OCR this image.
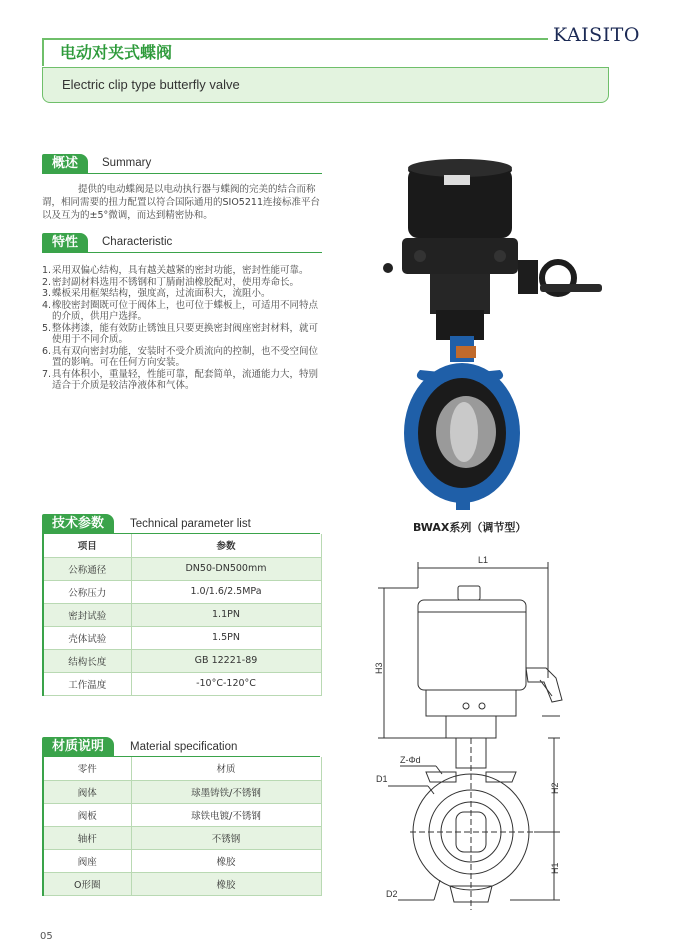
KAISITO
电动对夹式蝶阀
Electric clip type butterfly valve
概述	Summary

提供的电动蝶阀是以电动执行器与蝶阀的完美的结合而称谓，相同需要的扭力配置以符合国际通用的SIO5211连接标准平台以及互为的±5°微调，而达到精密协和。

特性	Characteristic
1. 采用双偏心结构，具有越关越紧的密封功能，密封性能可靠。
2. 密封副材料选用不锈钢和丁腈耐油橡胶配对，使用寿命长。
3. 蝶板采用框架结构，强度高，过流面积大，流阻小。
4. 橡胶密封圈既可位于阀体上，也可位于蝶板上，可适用不同特点的介质，供用户选择。
5. 整体拷漆，能有效防止锈蚀且只要更换密封阀座密封材料，就可使用于不同介质。
6. 具有双向密封功能，安装时不受介质流向的控制，也不受空间位置的影响。可在任何方向安装。
7. 具有体积小，重量轻，性能可靠，配套简单，流通能力大，特别适合于介质是较洁净液体和气体。
技术参数	Technical parameter list
项目	参数
公称通径	DN50-DN500mm
公称压力	1.0/1.6/2.5MPa
密封试验	1.1PN
壳体试验	1.5PN
结构长度	GB 12221-89
工作温度	-10°C-120°C
材质说明	Material specification
零件	材质
阀体	球墨铸铁/不锈钢
阀板	球铁电镀/不锈钢
轴杆	不锈钢
阀座	橡胶
O形圈	橡胶
BWAX系列（调节型）
L1
H3
Z-Φd
D1
D2
H2
H1
05
